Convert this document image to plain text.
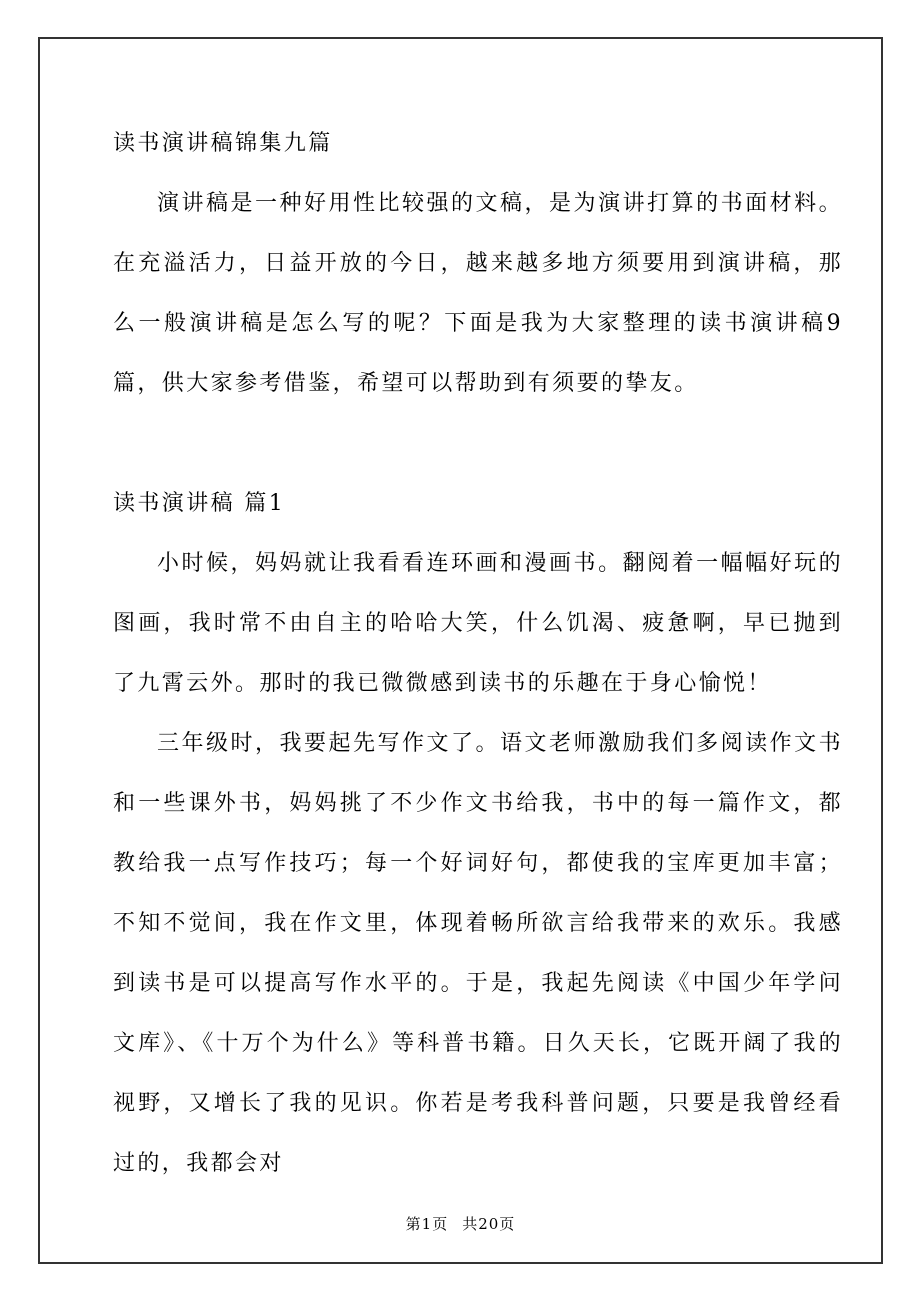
读书演讲稿锦集九篇

演讲稿是一种好用性比较强的文稿，是为演讲打算的书面材料。在充溢活力，日益开放的今日，越来越多地方须要用到演讲稿，那么一般演讲稿是怎么写的呢？下面是我为大家整理的读书演讲稿9篇，供大家参考借鉴，希望可以帮助到有须要的挚友。

读书演讲稿 篇1

小时候，妈妈就让我看看连环画和漫画书。翻阅着一幅幅好玩的图画，我时常不由自主的哈哈大笑，什么饥渴、疲惫啊，早已抛到了九霄云外。那时的我已微微感到读书的乐趣在于身心愉悦！

三年级时，我要起先写作文了。语文老师激励我们多阅读作文书和一些课外书，妈妈挑了不少作文书给我，书中的每一篇作文，都教给我一点写作技巧；每一个好词好句，都使我的宝库更加丰富；不知不觉间，我在作文里，体现着畅所欲言给我带来的欢乐。我感到读书是可以提高写作水平的。于是，我起先阅读《中国少年学问文库》、《十万个为什么》等科普书籍。日久天长，它既开阔了我的视野，又增长了我的见识。你若是考我科普问题，只要是我曾经看过的，我都会对

第1页 共20页
